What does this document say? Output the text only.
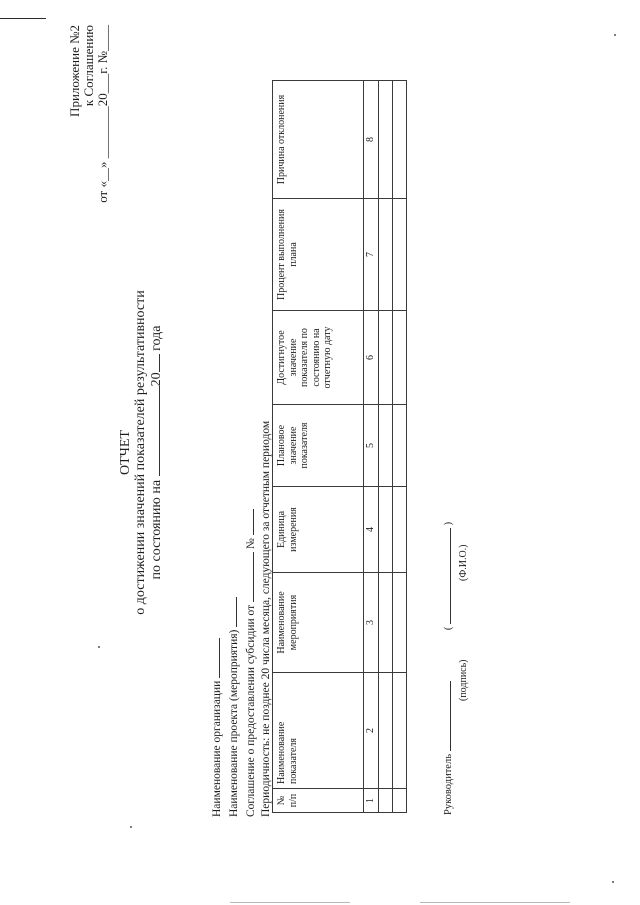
Приложение №2 к Соглашению от «__» ________20___г. №____
ОТЧЕТ о достижении значений показателей результативности по состоянию на 20 года
Наименование организации Наименование проекта (мероприятия) Соглашение о предоставлении субсидии от  № Периодичность: не позднее 20 числа месяца, следующего за отчетным периодом № п/п	Наименование показателя	Наименование мероприятия	Единица измерения	Плановое значение показателя	Достигнутое значение показателя по состоянию на отчетную дату	Процент выполнения плана	Причина отклонения
1	2	3	4	5	6	7	8

Руководитель   (  )
(подпись)
(Ф.И.О.)
